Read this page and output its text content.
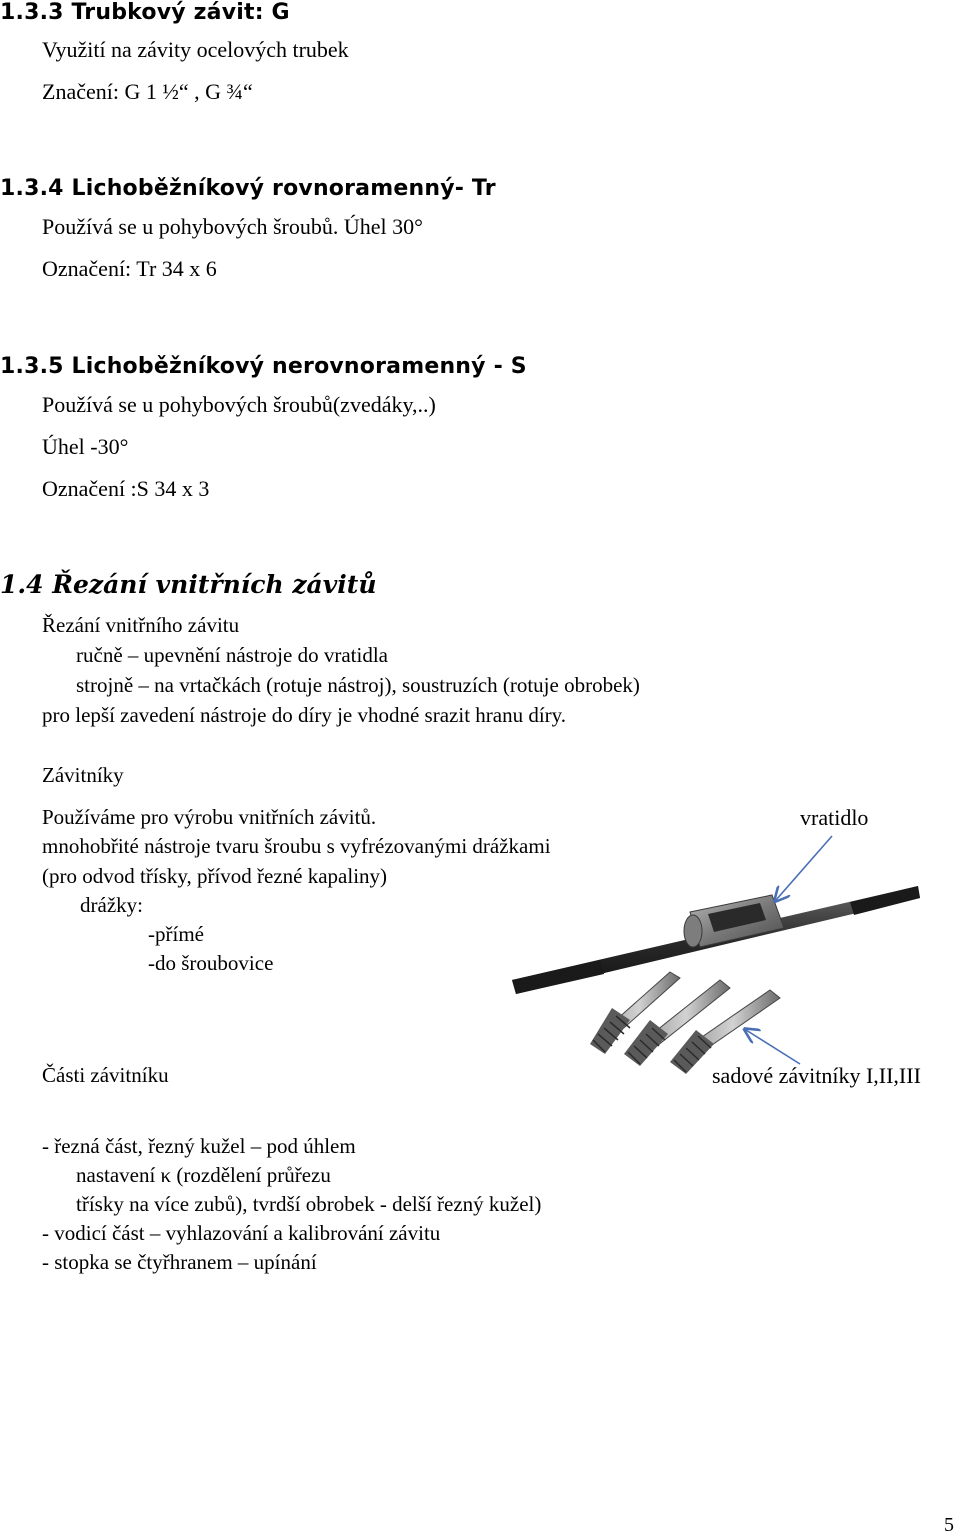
1.3.3 Trubkový závit: G
Využití na závity ocelových trubek
Značení: G 1 ½“ , G ¾“
1.3.4 Lichoběžníkový rovnoramenný- Tr
Používá se u pohybových šroubů. Úhel 30°
Označení: Tr 34 x 6
1.3.5 Lichoběžníkový nerovnoramenný - S
Používá se u pohybových šroubů(zvedáky,..)
Úhel -30°
Označení :S 34 x 3
1.4 Řezání vnitřních závitů
Řezání vnitřního závitu
ručně – upevnění nástroje do vratidla
strojně – na vrtačkách (rotuje nástroj), soustruzích (rotuje obrobek)
pro lepší zavedení nástroje do díry je vhodné srazit hranu díry.
Závitníky
Používáme pro výrobu vnitřních závitů.
mnohobřité nástroje tvaru šroubu s vyfrézovanými drážkami
(pro odvod třísky, přívod řezné kapaliny)
drážky:
-přímé
-do šroubovice
vratidlo
Části závitníku	sadové závitníky I,II,III
- řezná část, řezný kužel – pod úhlem
nastavení κ (rozdělení průřezu
třísky na více zubů), tvrdší obrobek - delší řezný kužel)
- vodicí část – vyhlazování a kalibrování závitu
- stopka se čtyřhranem – upínání
5
